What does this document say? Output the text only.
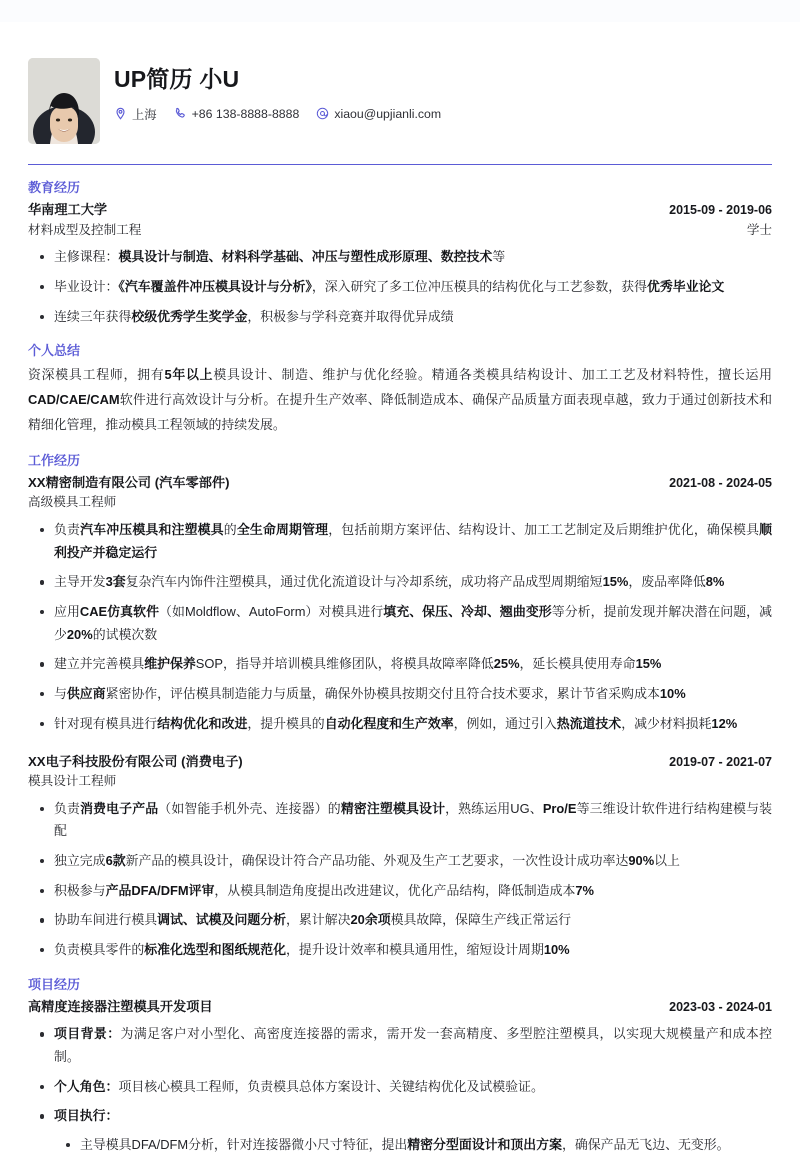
UP简历 小U
上海	+86 138-8888-8888	xiaou@upjianli.com
教育经历
华南理工大学	2015-09 - 2019-06
材料成型及控制工程	学士
主修课程：模具设计与制造、材料科学基础、冲压与塑性成形原理、数控技术等
毕业设计：《汽车覆盖件冲压模具设计与分析》，深入研究了多工位冲压模具的结构优化与工艺参数，获得优秀毕业论文
连续三年获得校级优秀学生奖学金，积极参与学科竞赛并取得优异成绩
个人总结
资深模具工程师，拥有5年以上模具设计、制造、维护与优化经验。精通各类模具结构设计、加工工艺及材料特性，擅长运用CAD/CAE/CAM软件进行高效设计与分析。在提升生产效率、降低制造成本、确保产品质量方面表现卓越，致力于通过创新技术和精细化管理，推动模具工程领域的持续发展。
工作经历
XX精密制造有限公司 (汽车零部件)	2021-08 - 2024-05
高级模具工程师
负责汽车冲压模具和注塑模具的全生命周期管理，包括前期方案评估、结构设计、加工工艺制定及后期维护优化，确保模具顺利投产并稳定运行
主导开发3套复杂汽车内饰件注塑模具，通过优化流道设计与冷却系统，成功将产品成型周期缩短15%，废品率降低8%
应用CAE仿真软件（如Moldflow、AutoForm）对模具进行填充、保压、冷却、翘曲变形等分析，提前发现并解决潜在问题，减少20%的试模次数
建立并完善模具维护保养SOP，指导并培训模具维修团队，将模具故障率降低25%，延长模具使用寿命15%
与供应商紧密协作，评估模具制造能力与质量，确保外协模具按期交付且符合技术要求，累计节省采购成本10%
针对现有模具进行结构优化和改进，提升模具的自动化程度和生产效率，例如，通过引入热流道技术，减少材料损耗12%
XX电子科技股份有限公司 (消费电子)	2019-07 - 2021-07
模具设计工程师
负责消费电子产品（如智能手机外壳、连接器）的精密注塑模具设计，熟练运用UG、Pro/E等三维设计软件进行结构建模与装配
独立完成6款新产品的模具设计，确保设计符合产品功能、外观及生产工艺要求，一次性设计成功率达90%以上
积极参与产品DFA/DFM评审，从模具制造角度提出改进建议，优化产品结构，降低制造成本7%
协助车间进行模具调试、试模及问题分析，累计解决20余项模具故障，保障生产线正常运行
负责模具零件的标准化选型和图纸规范化，提升设计效率和模具通用性，缩短设计周期10%
项目经历
高精度连接器注塑模具开发项目	2023-03 - 2024-01
项目背景：为满足客户对小型化、高密度连接器的需求，需开发一套高精度、多型腔注塑模具，以实现大规模量产和成本控制。
个人角色：项目核心模具工程师，负责模具总体方案设计、关键结构优化及试模验证。
项目执行：
主导模具DFA/DFM分析，针对连接器微小尺寸特征，提出精密分型面设计和顶出方案，确保产品无飞边、无变形。
